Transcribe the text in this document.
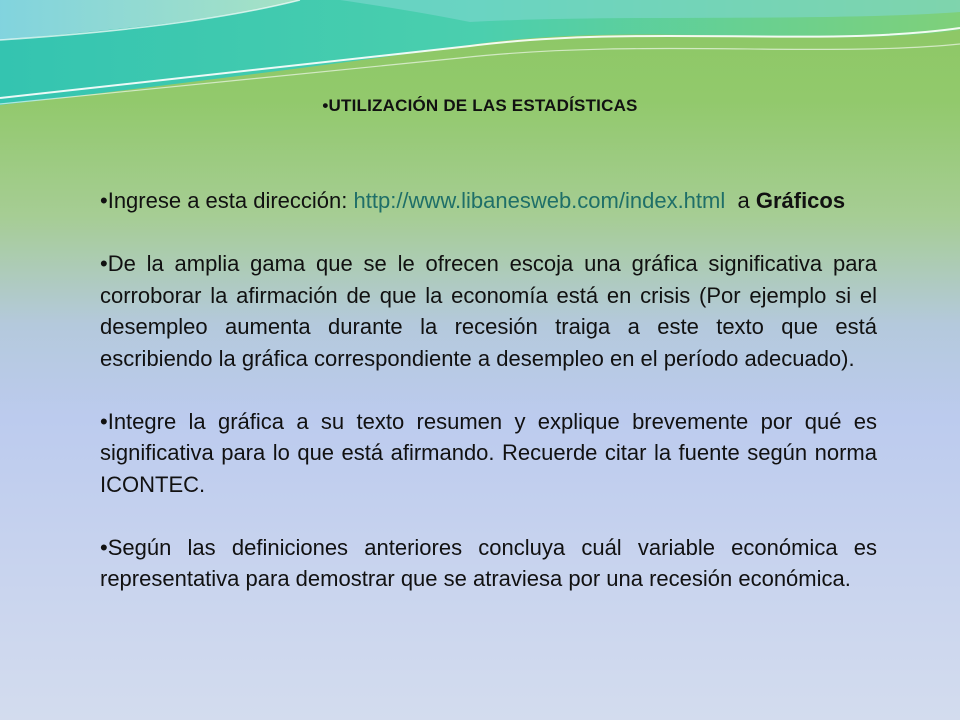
•UTILIZACIÓN DE LAS ESTADÍSTICAS

•Ingrese a esta dirección: http://www.libanesweb.com/index.html  a Gráficos

•De la amplia gama que se le ofrecen escoja una gráfica significativa para corroborar la afirmación de que la economía está en crisis (Por ejemplo si el desempleo aumenta durante la recesión traiga a este texto que está escribiendo la gráfica correspondiente a desempleo en el período adecuado).

•Integre la gráfica a su texto resumen y explique brevemente por qué es significativa para lo que está afirmando. Recuerde citar la fuente según norma ICONTEC.

•Según las definiciones anteriores concluya cuál variable económica es representativa para demostrar que se atraviesa por una recesión económica.
